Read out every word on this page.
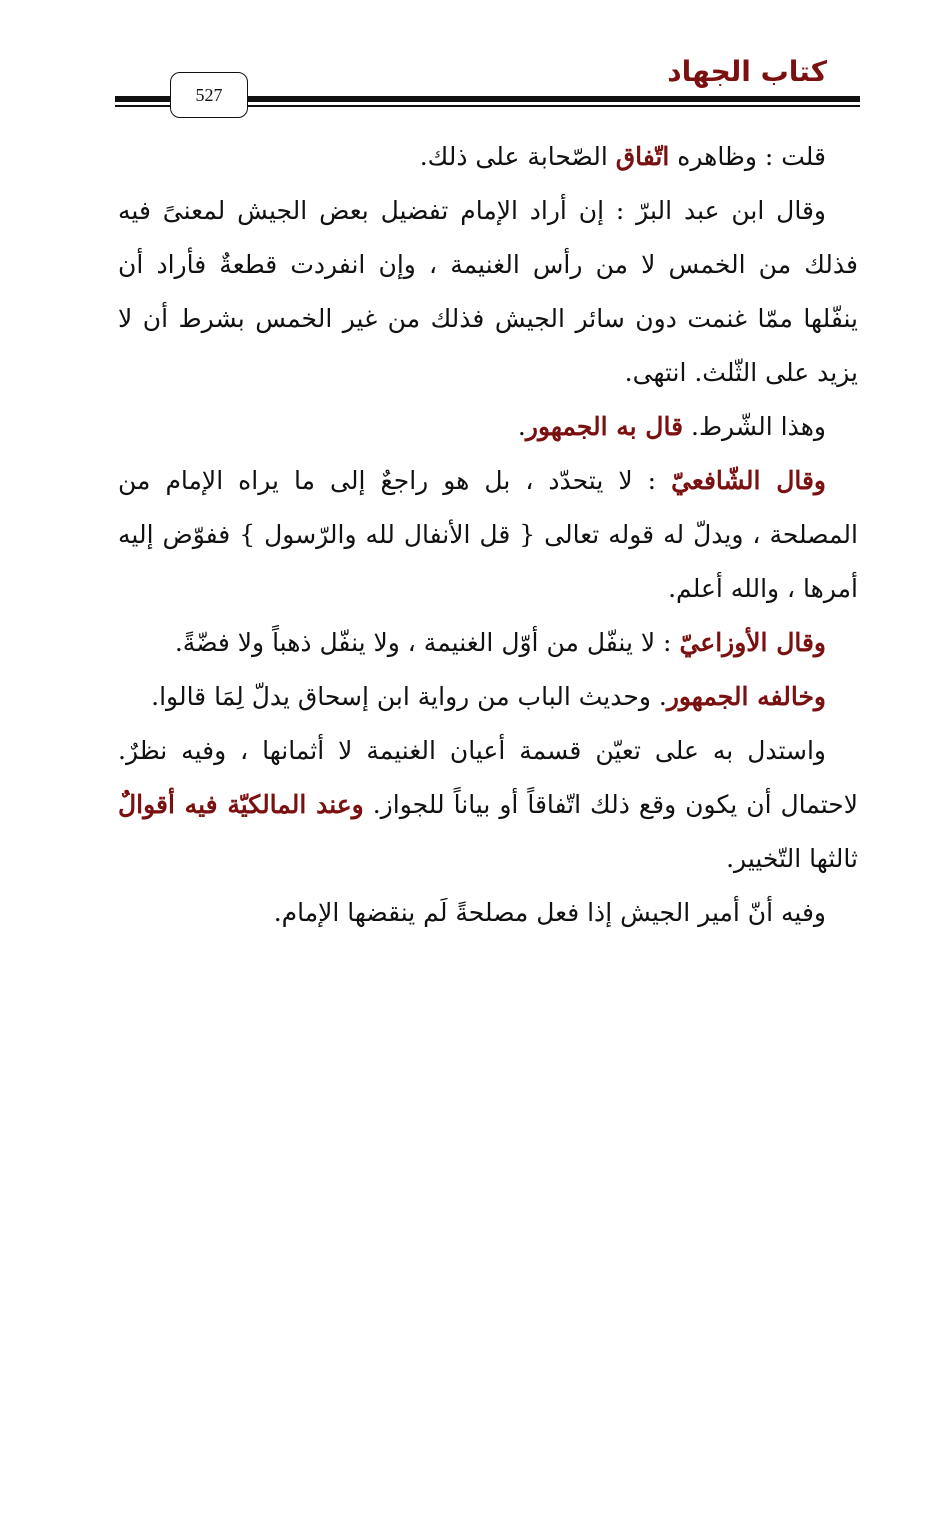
كتاب الجهاد
527

قلت : وظاهره اتّفاق الصّحابة على ذلك.

وقال ابن عبد البرّ : إن أراد الإمام تفضيل بعض الجيش لمعنىً فيه فذلك من الخمس لا من رأس الغنيمة ، وإن انفردت قطعةٌ فأراد أن ينفّلها ممّا غنمت دون سائر الجيش فذلك من غير الخمس بشرط أن لا يزيد على الثّلث. انتهى.

وهذا الشّرط. قال به الجمهور.

وقال الشّافعيّ : لا يتحدّد ، بل هو راجعٌ إلى ما يراه الإمام من المصلحة ، ويدلّ له قوله تعالى { قل الأنفال لله والرّسول } ففوّض إليه أمرها ، والله أعلم.

وقال الأوزاعيّ : لا ينفّل من أوّل الغنيمة ، ولا ينفّل ذهباً ولا فضّةً.

وخالفه الجمهور. وحديث الباب من رواية ابن إسحاق يدلّ لِمَا قالوا.

واستدل به على تعيّن قسمة أعيان الغنيمة لا أثمانها ، وفيه نظرٌ. لاحتمال أن يكون وقع ذلك اتّفاقاً أو بياناً للجواز. وعند المالكيّة فيه أقوالٌ ثالثها التّخيير.

وفيه أنّ أمير الجيش إذا فعل مصلحةً لَم ينقضها الإمام.
